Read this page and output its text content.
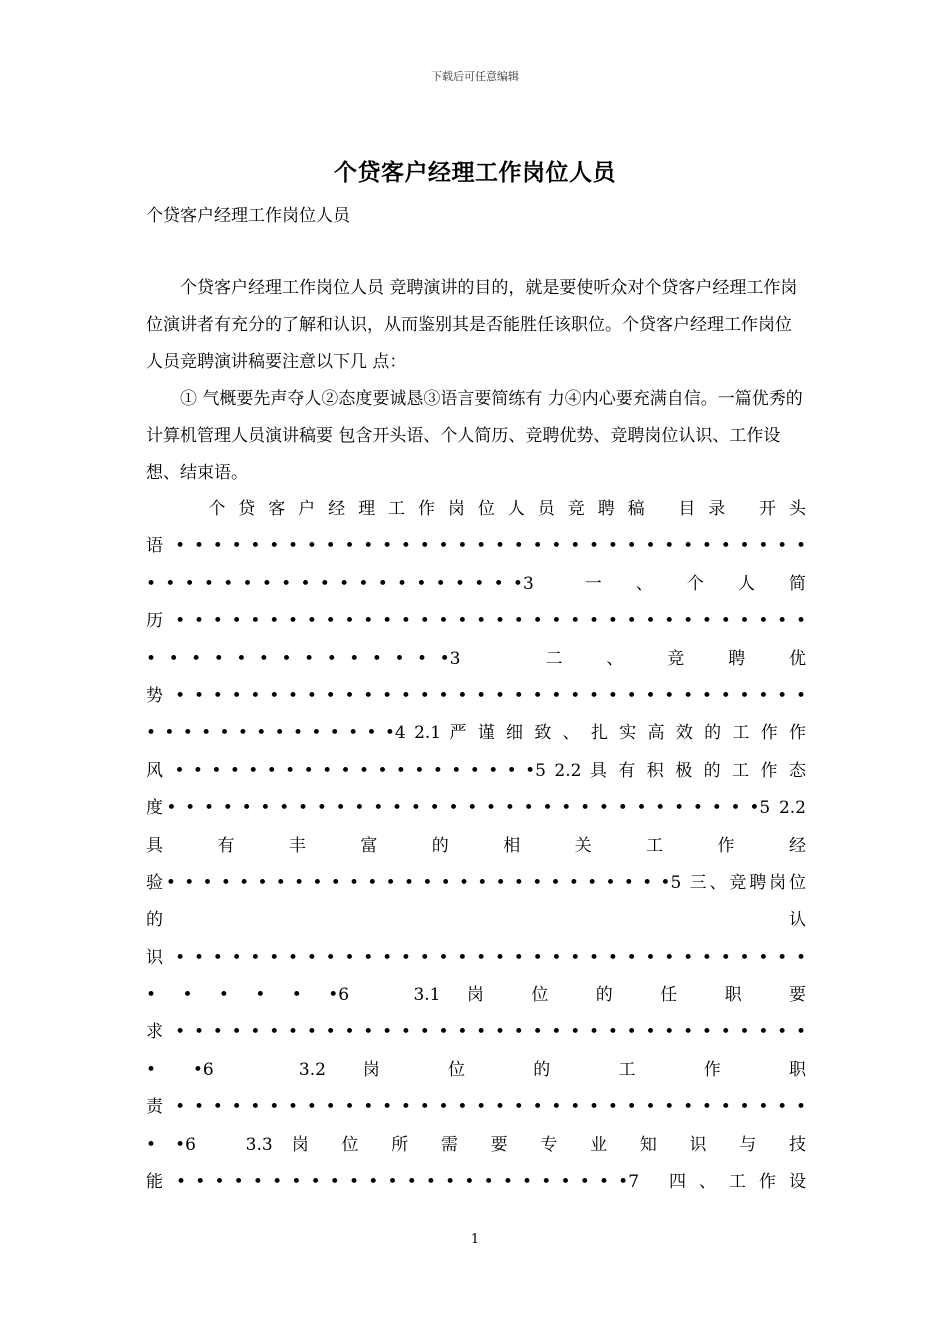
下载后可任意编辑
个贷客户经理工作岗位人员
个贷客户经理工作岗位人员

个贷客户经理工作岗位人员 竞聘演讲的目的，就是要使听众对个贷客户经理工作岗位演讲者有充分的了解和认识，从而鉴别其是否能胜任该职位。个贷客户经理工作岗位人员竞聘演讲稿要注意以下几 点：

① 气概要先声夺人②态度要诚恳③语言要简练有 力④内心要充满自信。一篇优秀的计算机管理人员演讲稿要 包含开头语、个人简历、竞聘优势、竞聘岗位认识、工作设 想、结束语。

　　　个 贷 客 户 经 理 工 作 岗 位 人 员 竞 聘 稿 　目 录 　开 头
语 • • • • • • • • • • • • • • • • • • • • • • • • • • • • • • • • • •
• • • • • • • • • • • • • • • • • • • •3 　　一 　、 　个 　人 　简
历 • • • • • • • • • • • • • • • • • • • • • • • • • • • • • • • • • •
• • • • • • • • • • • • • •3 　　　二 　、 　竞 　聘 　优
势 • • • • • • • • • • • • • • • • • • • • • • • • • • • • • • • • • •
• • • • • • • • • • • • • •4 2.1 严 谨 细 致 、 扎 实 高 效 的 工 作 作
风 • • • • • • • • • • • • • • • • • • • •5 2.2 具 有 积 极 的 工 作 态
度• • • • • • • • • • • • • • • • • • • • • • • • • • • • • • • •5 2.2
具 有 丰 富 的 相 关 工 作 经
验• • • • • • • • • • • • • • • • • • • • • • • • • • • •5 三、竞聘岗位
的 认
识 • • • • • • • • • • • • • • • • • • • • • • • • • • • • • • • • • •
• • • • • •6 　3.1 岗 位 的 任 职 要
求 • • • • • • • • • • • • • • • • • • • • • • • • • • • • • • • • • •
• •6 　3.2 岗 位 的 工 作 职
责 • • • • • • • • • • • • • • • • • • • • • • • • • • • • • • • • • •
• •6 　3.3 岗 位 所 需 要 专 业 知 识 与 技
能 • • • • • • • • • • • • • • • • • • • • • • • •7 　四 、 工 作 设
1
